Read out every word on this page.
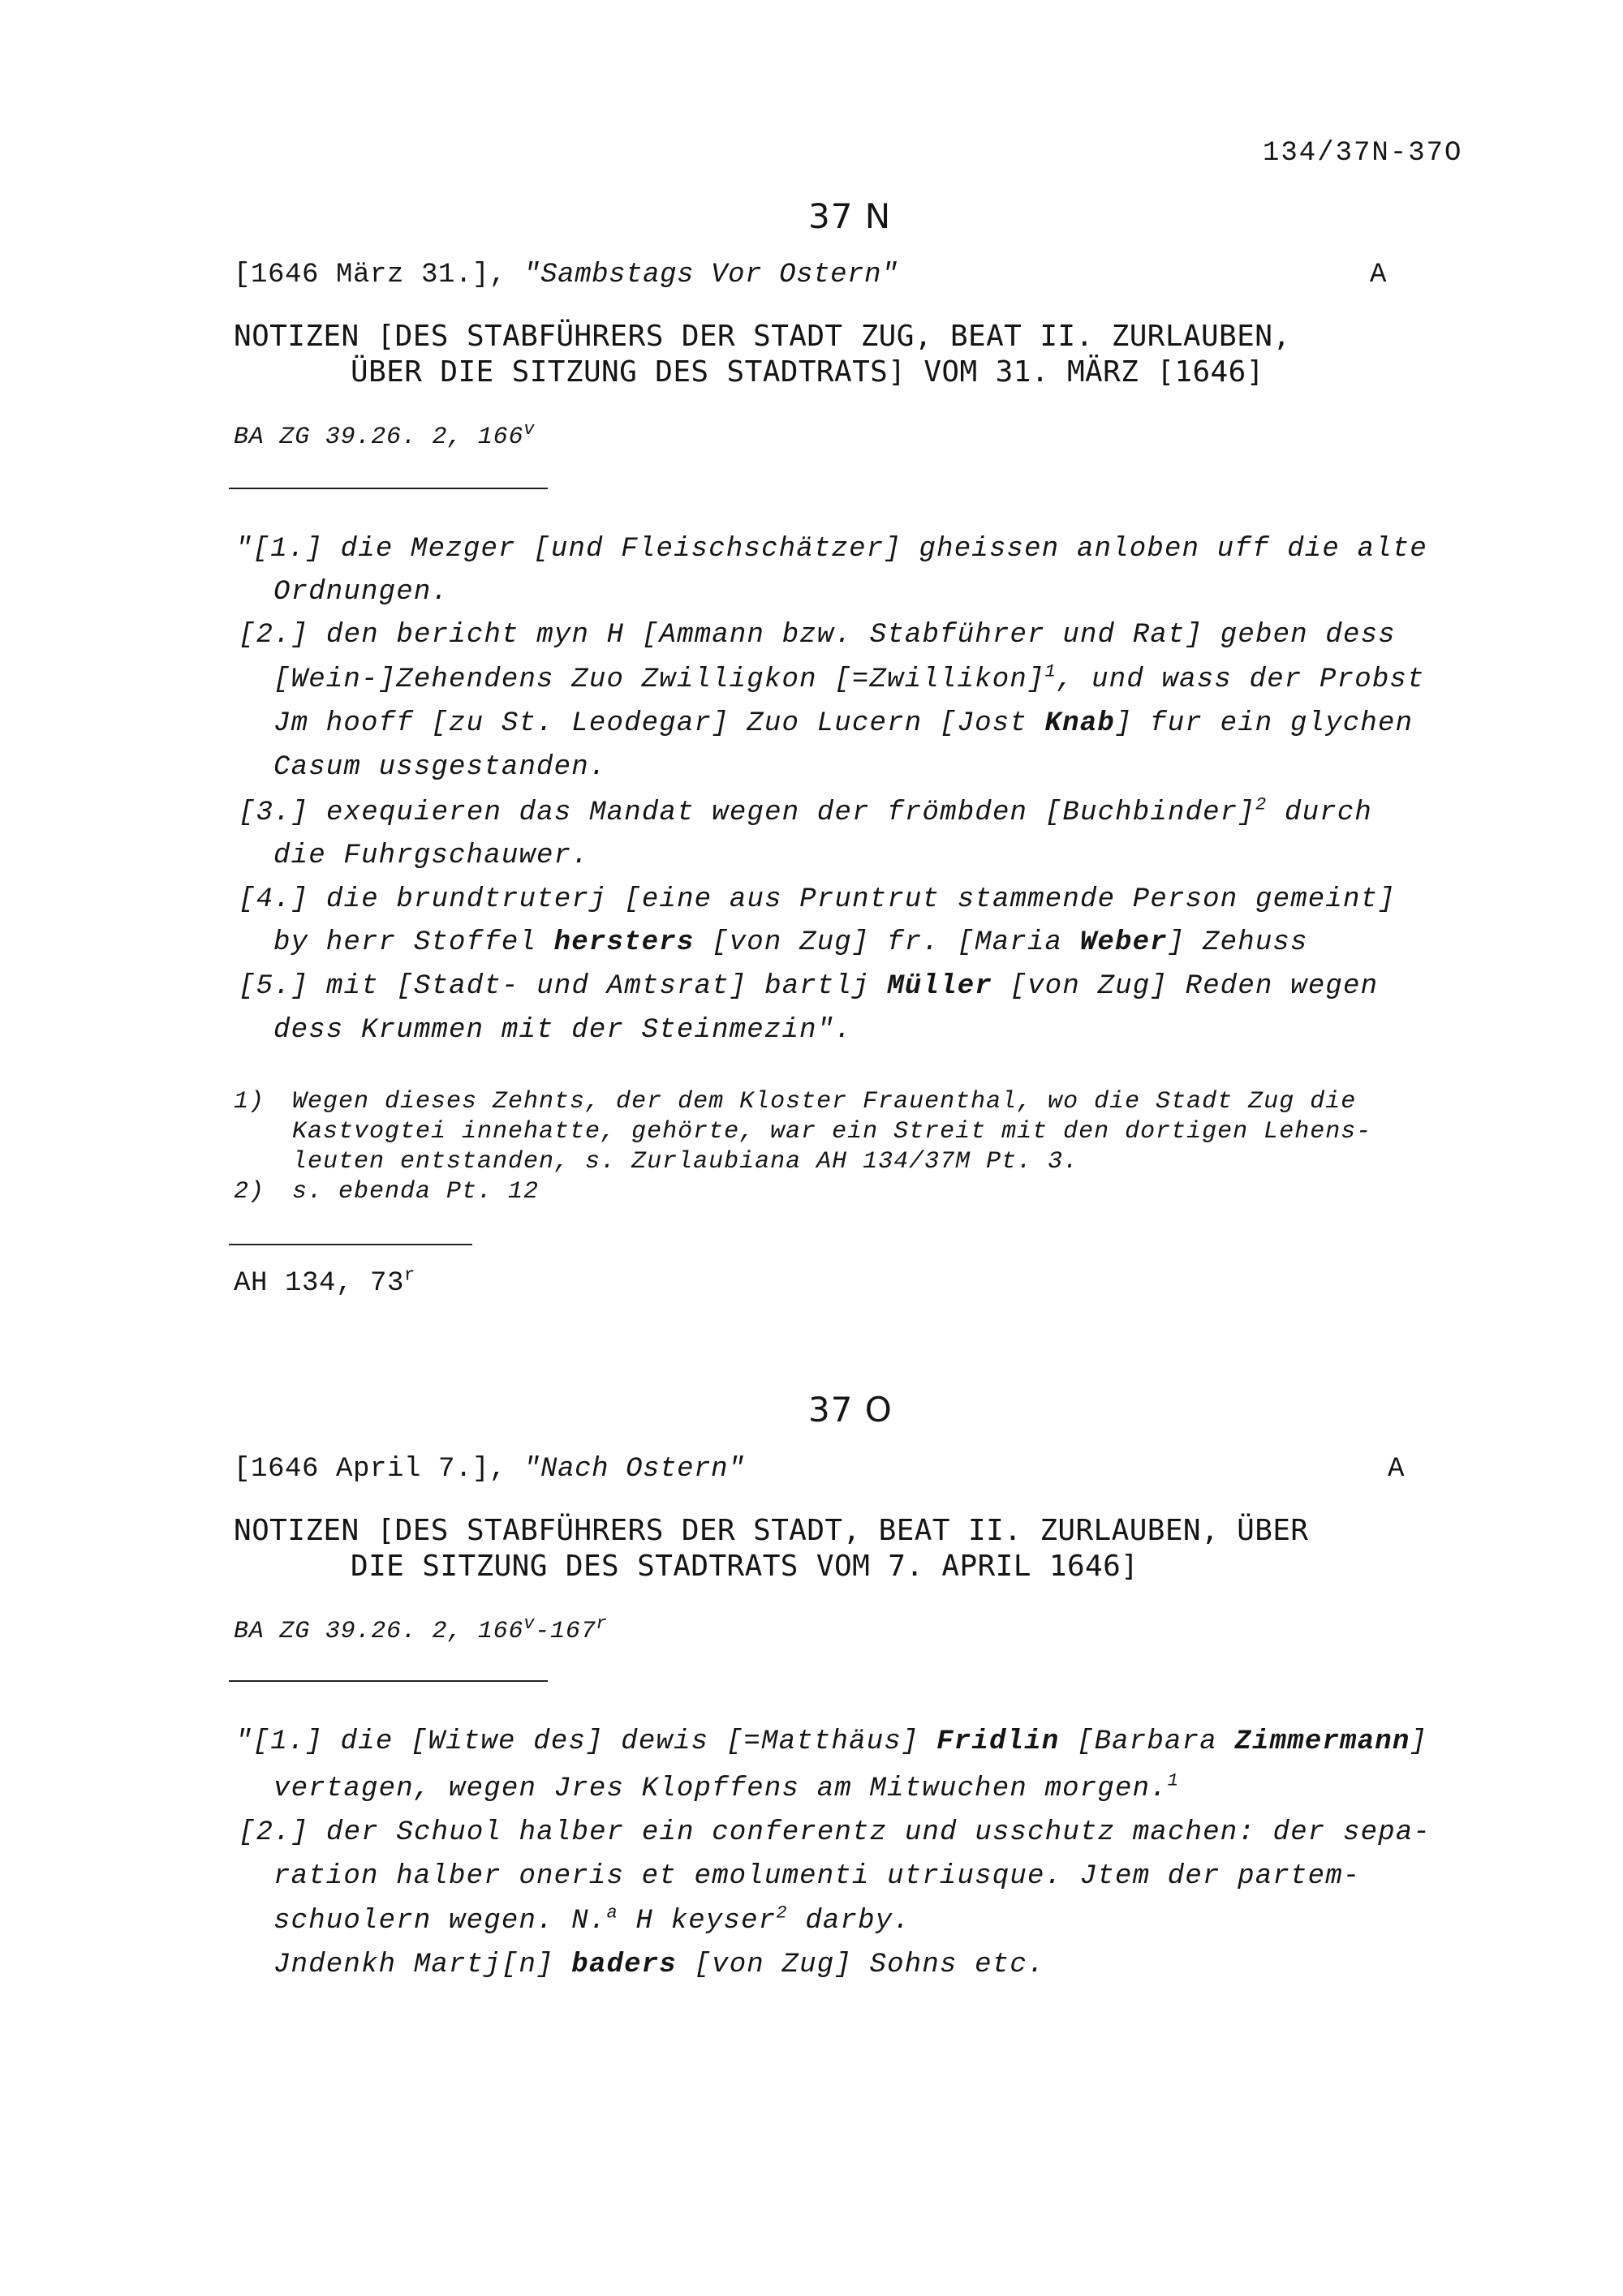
134/37N-37O
37 N
[1646 März 31.], "Sambstags Vor Ostern"	A
NOTIZEN [DES STABFÜHRERS DER STADT ZUG, BEAT II. ZURLAUBEN,
ÜBER DIE SITZUNG DES STADTRATS] VOM 31. MÄRZ [1646]
BA ZG 39.26. 2, 166$^v$
"[1.] die Mezger [und Fleischschätzer] gheissen anloben uff die alte
Ordnungen.
[2.] den bericht myn H [Ammann bzw. Stabführer und Rat] geben dess
[Wein-]Zehendens Zuo Zwilligkon [=Zwillikon]$^1$, und wass der Probst
Jm hooff [zu St. Leodegar] Zuo Lucern [Jost Knab] fur ein glychen
Casum ussgestanden.
[3.] exequieren das Mandat wegen der frömbden [Buchbinder]$^2$ durch
die Fuhrgschauwer.
[4.] die brundtruterj [eine aus Pruntrut stammende Person gemeint]
by herr Stoffel hersters [von Zug] fr. [Maria Weber] Zehuss
[5.] mit [Stadt- und Amtsrat] bartlj Müller [von Zug] Reden wegen
dess Krummen mit der Steinmezin".
1) Wegen dieses Zehnts, der dem Kloster Frauenthal, wo die Stadt Zug die
Kastvogtei innehatte, gehörte, war ein Streit mit den dortigen Lehens-
leuten entstanden, s. Zurlaubiana AH 134/37M Pt. 3.
2) s. ebenda Pt. 12
AH 134, 73$^r$
37 O
[1646 April 7.], "Nach Ostern"	A
NOTIZEN [DES STABFÜHRERS DER STADT, BEAT II. ZURLAUBEN, ÜBER
DIE SITZUNG DES STADTRATS VOM 7. APRIL 1646]
BA ZG 39.26. 2, 166$^v$-167$^r$
"[1.] die [Witwe des] dewis [=Matthäus] Fridlin [Barbara Zimmermann]
vertagen, wegen Jres Klopffens am Mitwuchen morgen.$^1$
[2.] der Schuol halber ein conferentz und usschutz machen: der sepa-
ration halber oneris et emolumenti utriusque. Jtem der partem-
schuolern wegen. N.$^a$ H keyser$^2$ darby.
Jndenkh Martj[n] baders [von Zug] Sohns etc.
